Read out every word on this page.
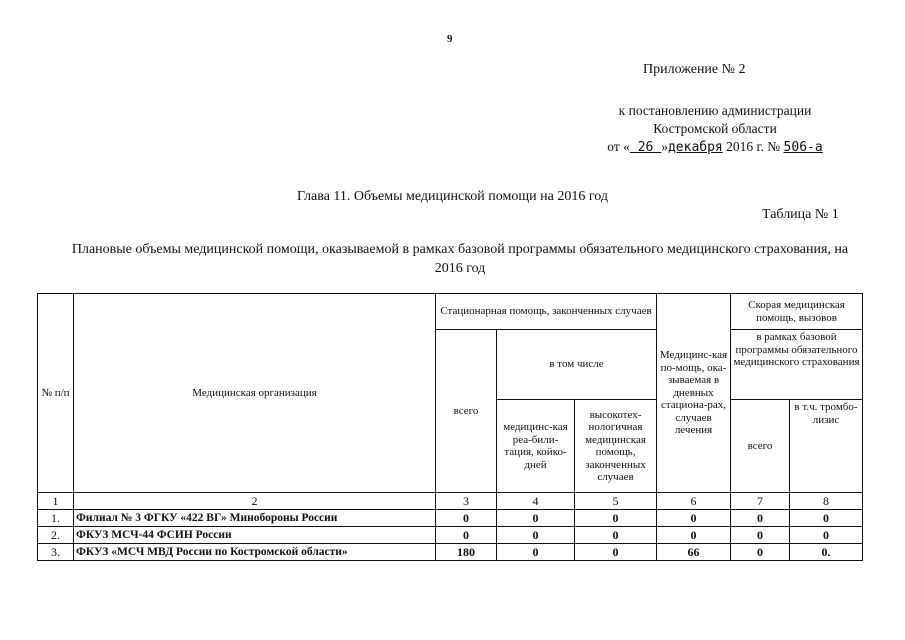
9
Приложение № 2
к постановлению администрации
Костромской области
от « 26 »декабря 2016 г. № 506-а
Глава 11. Объемы медицинской помощи на 2016 год
Таблица № 1
Плановые объемы медицинской помощи, оказываемой в рамках базовой программы обязательного медицинского страхования, на 2016 год
№ п/п	Медицинская организация	Стационарная помощь, законченных случаев			Медицинс-кая по-мощь, ока-зываемая в дневных стациона-рах, случаев лечения	Скорая медицинская помощь, вызовов	
		всего	в том числе			в рамках базовой программы обязательного медицинского страхования	
			медицинс-кая реа-били-тация, койко-дней	высокотех-нологичная медицинская помощь, законченных случаев		всего	в т.ч. тромбо-лизис
1	2	3	4	5	6	7	8
1.	Филиал № 3 ФГКУ «422 ВГ» Минобороны России	0	0	0	0	0	0
2.	ФКУЗ МСЧ-44 ФСИН России	0	0	0	0	0	0
3.	ФКУЗ «МСЧ МВД России по Костромской области»	180	0	0	66	0	0.
